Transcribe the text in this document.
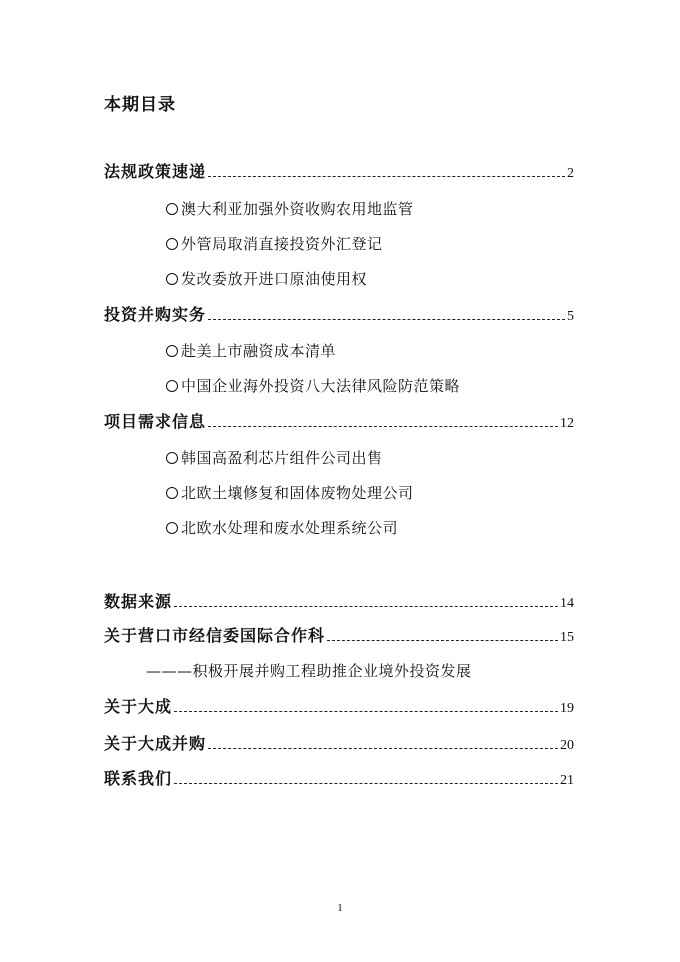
本期目录
法规政策速递	2
澳大利亚加强外资收购农用地监管
外管局取消直接投资外汇登记
发改委放开进口原油使用权
投资并购实务	5
赴美上市融资成本清单
中国企业海外投资八大法律风险防范策略
项目需求信息	12
韩国高盈利芯片组件公司出售
北欧土壤修复和固体废物处理公司
北欧水处理和废水处理系统公司
数据来源	14
关于营口市经信委国际合作科	15
———积极开展并购工程助推企业境外投资发展
关于大成	19
关于大成并购	20
联系我们	21
1
